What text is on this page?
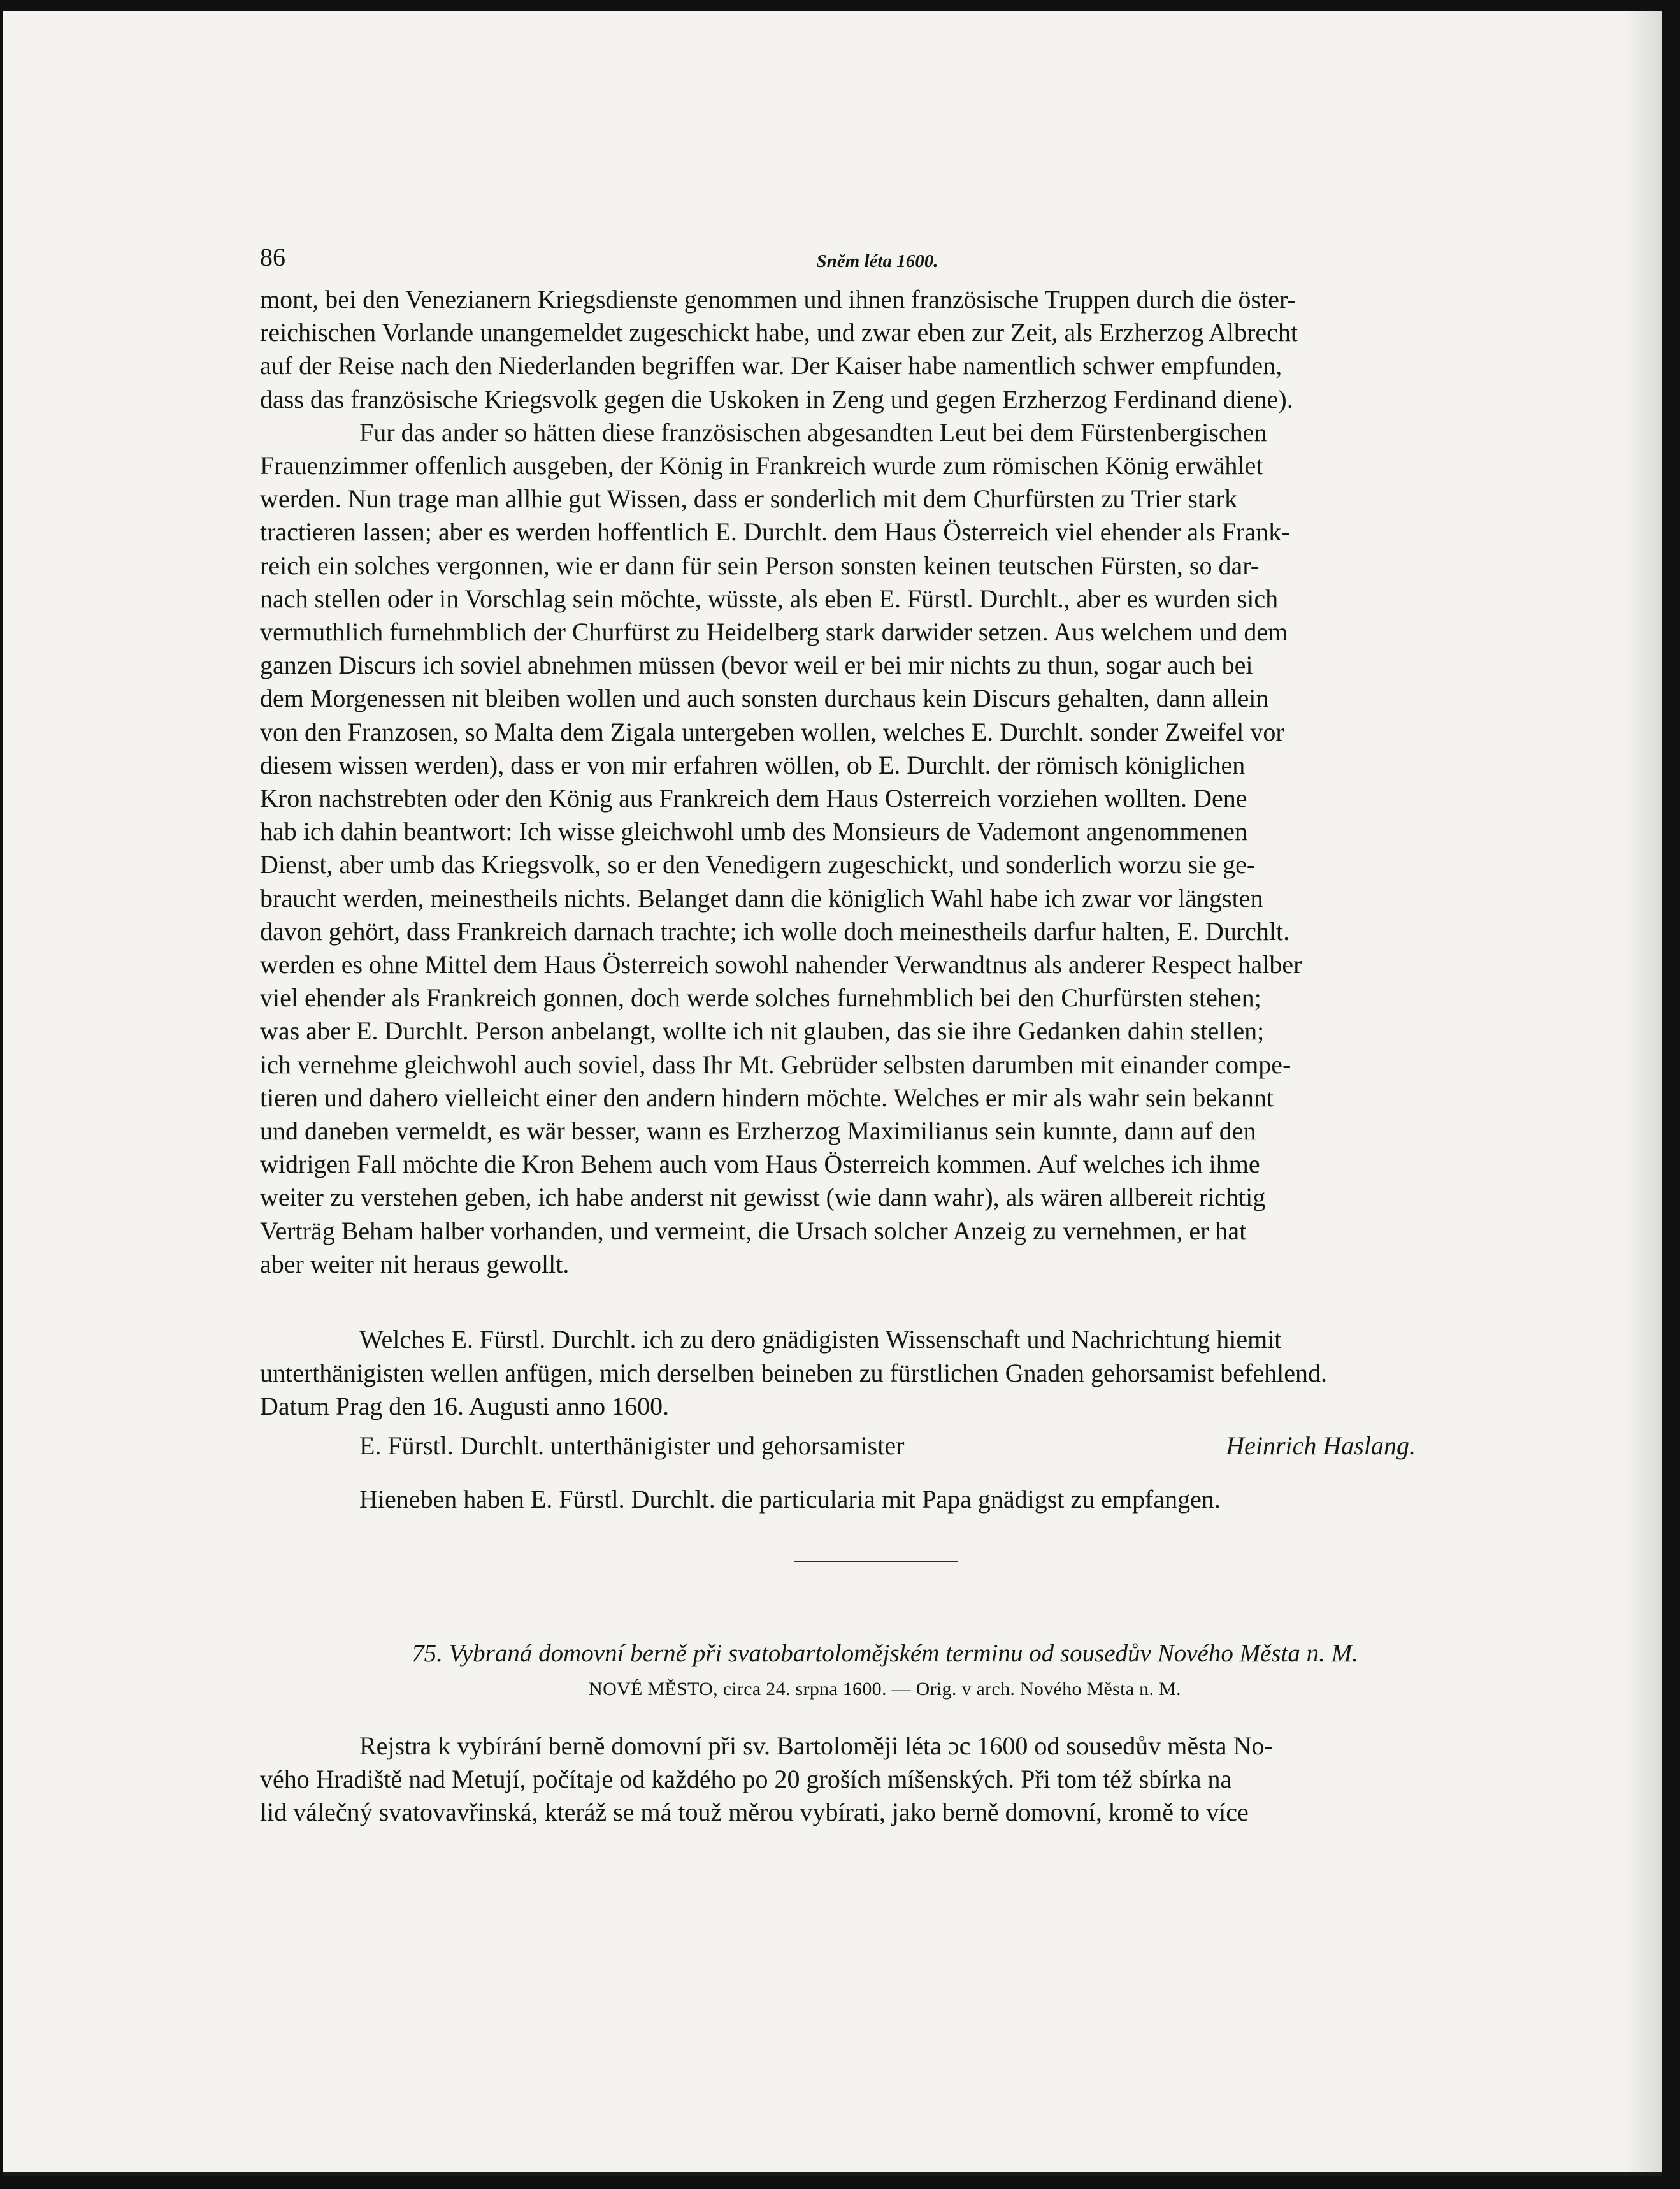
86	Sněm léta 1600.

mont, bei den Venezianern Kriegsdienste genommen und ihnen französische Truppen durch die öster-
reichischen Vorlande unangemeldet zugeschickt habe, und zwar eben zur Zeit, als Erzherzog Albrecht
auf der Reise nach den Niederlanden begriffen war. Der Kaiser habe namentlich schwer empfunden,
dass das französische Kriegsvolk gegen die Uskoken in Zeng und gegen Erzherzog Ferdinand diene).

Fur das ander so hätten diese französischen abgesandten Leut bei dem Fürstenbergischen
Frauenzimmer offenlich ausgeben, der König in Frankreich wurde zum römischen König erwählet
werden. Nun trage man allhie gut Wissen, dass er sonderlich mit dem Churfürsten zu Trier stark
tractieren lassen; aber es werden hoffentlich E. Durchlt. dem Haus Österreich viel ehender als Frank-
reich ein solches vergonnen, wie er dann für sein Person sonsten keinen teutschen Fürsten, so dar-
nach stellen oder in Vorschlag sein möchte, wüsste, als eben E. Fürstl. Durchlt., aber es wurden sich
vermuthlich furnehmblich der Churfürst zu Heidelberg stark darwider setzen. Aus welchem und dem
ganzen Discurs ich soviel abnehmen müssen (bevor weil er bei mir nichts zu thun, sogar auch bei
dem Morgenessen nit bleiben wollen und auch sonsten durchaus kein Discurs gehalten, dann allein
von den Franzosen, so Malta dem Zigala untergeben wollen, welches E. Durchlt. sonder Zweifel vor
diesem wissen werden), dass er von mir erfahren wöllen, ob E. Durchlt. der römisch königlichen
Kron nachstrebten oder den König aus Frankreich dem Haus Osterreich vorziehen wollten. Dene
hab ich dahin beantwort: Ich wisse gleichwohl umb des Monsieurs de Vademont angenommenen
Dienst, aber umb das Kriegsvolk, so er den Venedigern zugeschickt, und sonderlich worzu sie ge-
braucht werden, meinestheils nichts. Belanget dann die königlich Wahl habe ich zwar vor längsten
davon gehört, dass Frankreich darnach trachte; ich wolle doch meinestheils darfur halten, E. Durchlt.
werden es ohne Mittel dem Haus Österreich sowohl nahender Verwandtnus als anderer Respect halber
viel ehender als Frankreich gonnen, doch werde solches furnehmblich bei den Churfürsten stehen;
was aber E. Durchlt. Person anbelangt, wollte ich nit glauben, das sie ihre Gedanken dahin stellen;
ich vernehme gleichwohl auch soviel, dass Ihr Mt. Gebrüder selbsten darumben mit einander compe-
tieren und dahero vielleicht einer den andern hindern möchte. Welches er mir als wahr sein bekannt
und daneben vermeldt, es wär besser, wann es Erzherzog Maximilianus sein kunnte, dann auf den
widrigen Fall möchte die Kron Behem auch vom Haus Österreich kommen. Auf welches ich ihme
weiter zu verstehen geben, ich habe anderst nit gewisst (wie dann wahr), als wären allbereit richtig
Verträg Beham halber vorhanden, und vermeint, die Ursach solcher Anzeig zu vernehmen, er hat
aber weiter nit heraus gewollt.

Welches E. Fürstl. Durchlt. ich zu dero gnädigisten Wissenschaft und Nachrichtung hiemit
unterthänigisten wellen anfügen, mich derselben beineben zu fürstlichen Gnaden gehorsamist befehlend.
Datum Prag den 16. Augusti anno 1600.

E. Fürstl. Durchlt. unterthänigister und gehorsamister	Heinrich Haslang.

Hieneben haben E. Fürstl. Durchlt. die particularia mit Papa gnädigst zu empfangen.

75. Vybraná domovní berně při svatobartolomějském terminu od sousedův Nového Města n. M.
NOVÉ MĚSTO, circa 24. srpna 1600. — Orig. v arch. Nového Města n. M.

Rejstra k vybírání berně domovní při sv. Bartoloměji léta ɔc 1600 od sousedův města No-
vého Hradiště nad Metují, počítaje od každého po 20 groších míšenských. Při tom též sbírka na
lid válečný svatovavřinská, kteráž se má touž měrou vybírati, jako berně domovní, kromě to více
